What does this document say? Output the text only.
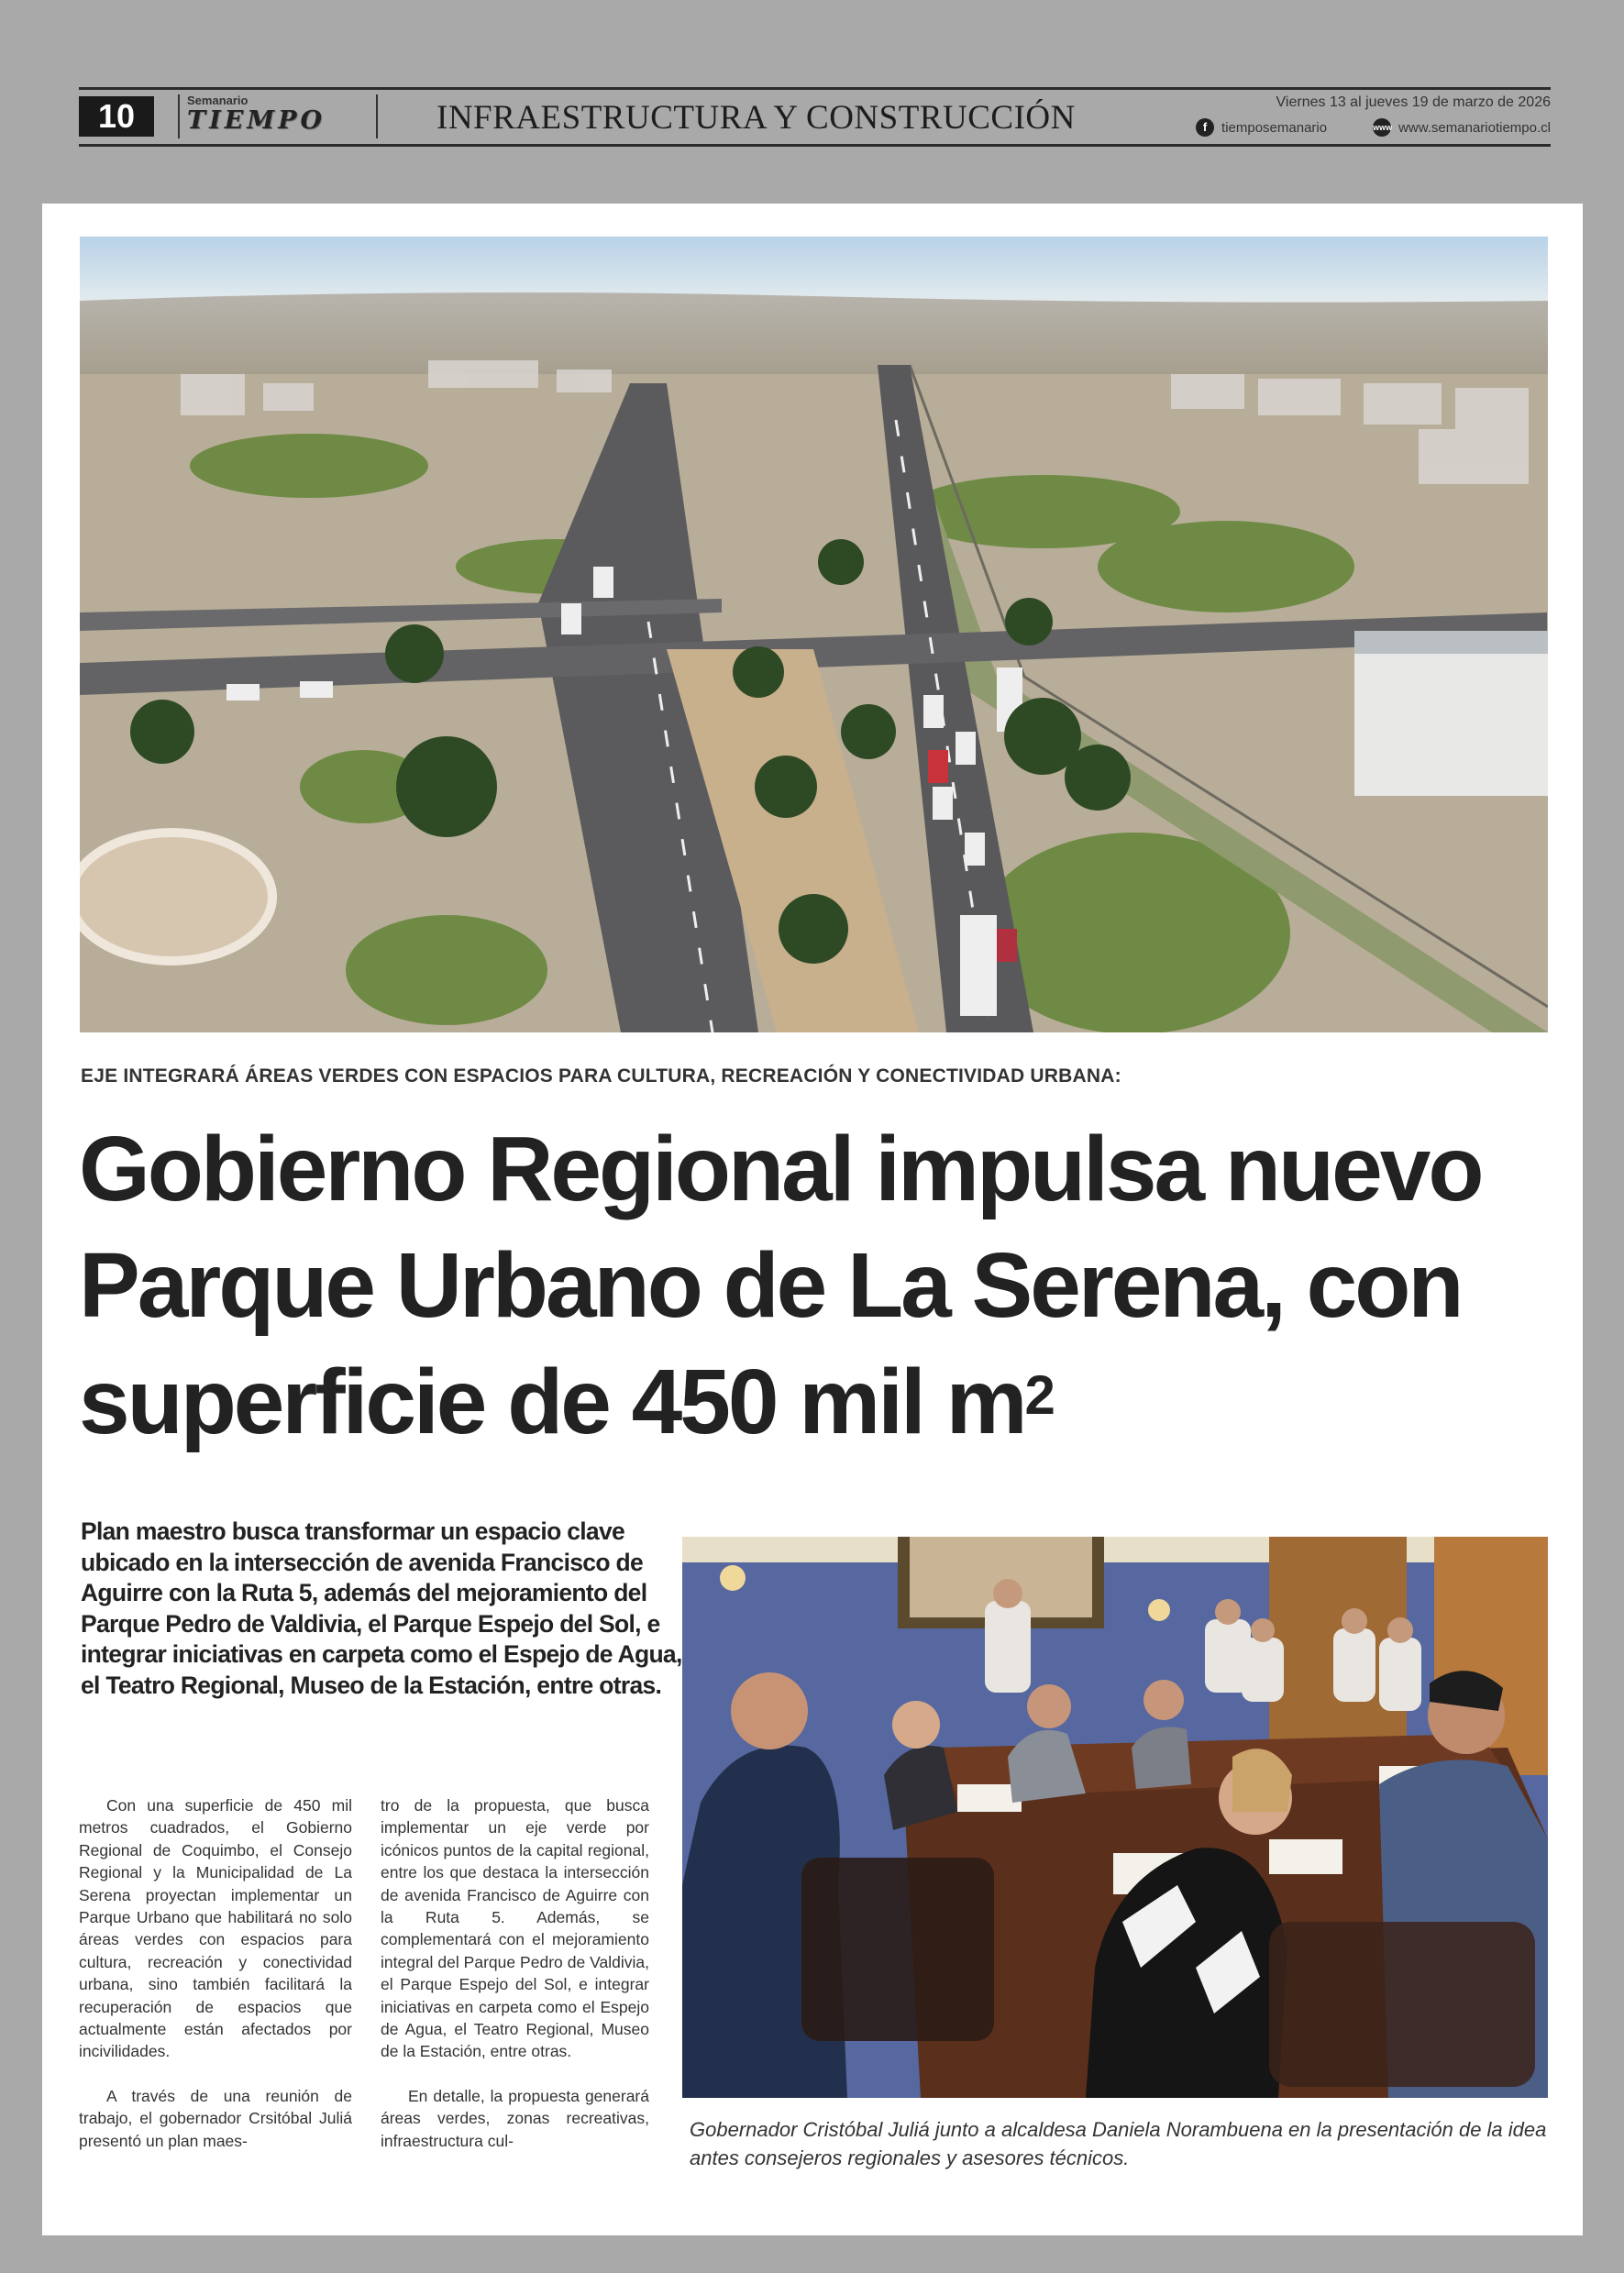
10	Semanario
TIEMPO	INFRAESTRUCTURA Y CONSTRUCCIÓN	Viernes 13 al jueves 19 de marzo de 2026
f	tiemposemanario	www www.semanariotiempo.cl
EJE INTEGRARÁ ÁREAS VERDES CON ESPACIOS PARA CULTURA, RECREACIÓN Y CONECTIVIDAD URBANA:
Gobierno Regional impulsa nuevo
Parque Urbano de La Serena, con
superficie de 450 mil $m^2$
Plan maestro busca transformar un espacio clave ubicado en la intersección de avenida Francisco de Aguirre con la Ruta 5, además del mejoramiento del Parque Pedro de Valdivia, el Parque Espejo del Sol, e integrar iniciativas en carpeta como el Espejo de Agua, el Teatro Regional, Museo de la Estación, entre otras.

Con una superficie de 450 mil metros cuadrados, el Gobierno Regional de Coquimbo, el Consejo Regional y la Municipalidad de La Serena proyectan implementar un Parque Urbano que habilitará no solo áreas verdes con espacios para cultura, recreación y conectividad urbana, sino también facilitará la recuperación de espacios que actualmente están afectados por incivilidades.

A través de una reunión de trabajo, el gobernador Crsitóbal Juliá presentó un plan maes-

tro de la propuesta, que busca implementar un eje verde por icónicos puntos de la capital regional, entre los que destaca la intersección de avenida Francisco de Aguirre con la Ruta 5. Además, se complementará con el mejoramiento integral del Parque Pedro de Valdivia, el Parque Espejo del Sol, e integrar iniciativas en carpeta como el Espejo de Agua, el Teatro Regional, Museo de la Estación, entre otras.

En detalle, la propuesta generará áreas verdes, zonas recreativas, infraestructura cul-	Gobernador Cristóbal Juliá junto a alcaldesa Daniela Norambuena en la presentación de la idea antes consejeros regionales y asesores técnicos.
